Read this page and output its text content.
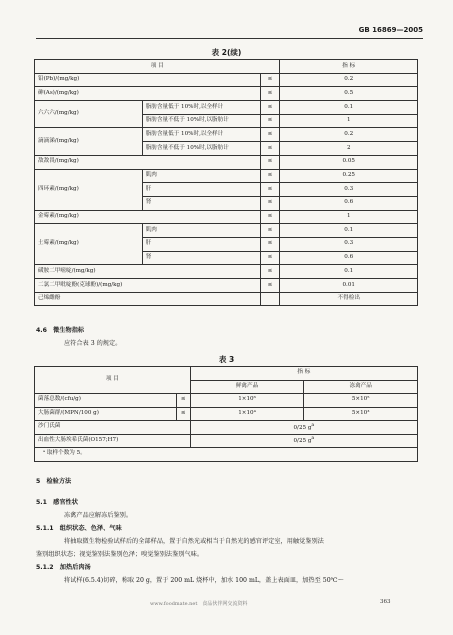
GB 16869—2005
表 2(续)
项 目			指 标
铅(Pb)/(mg/kg)		≤	0.2
砷(As)/(mg/kg)		≤	0.5
六六六/(mg/kg)	脂肪含量低于 10%时,以全样计	≤	0.1
	脂肪含量不低于 10%时,以脂肪计	≤	1
滴滴涕/(mg/kg)	脂肪含量低于 10%时,以全样计	≤	0.2
	脂肪含量不低于 10%时,以脂肪计	≤	2
敌敌畏/(mg/kg)		≤	0.05
四环素/(mg/kg)	肌肉	≤	0.25
	肝	≤	0.3
	肾	≤	0.6
金霉素/(mg/kg)		≤	1
土霉素/(mg/kg)	肌肉	≤	0.1
	肝	≤	0.3
	肾	≤	0.6
磺胺二甲嘧啶/(mg/kg)		≤	0.1
二氯二甲吡啶酚(克球酚)/(mg/kg)		≤	0.01
己烯雌酚			不得检出
4.6　微生物指标
应符合表 3 的规定。
表 3
项 目		指 标	
		鲜禽产品	冻禽产品
菌落总数/(cfu/g)	≤	1×10⁶	5×10⁵
大肠菌群/(MPN/100 g)	≤	1×10⁴	5×10³
沙门氏菌		0/25 $g^a$
出血性大肠埃希氏菌(O157;H7)		0/25 $g^a$
ᵃ 取样个数为 5。			
5　检验方法
5.1　感官性状
冻禽产品应解冻后鉴别。
5.1.1　组织状态、色泽、气味
将抽取微生物检验试样后的全部样品，置于自然光或相当于自然光的感官评定室，用触觉鉴别法
鉴别组织状态；视觉鉴别法鉴别色泽；嗅觉鉴别法鉴别气味。
5.1.2　加热后肉汤
将试样(6.5.4)切碎，称取 20 g，置于 200 mL 烧杯中，加水 100 mL，盖上表面皿，加热至 50℃～
www.foodmate.net　食品伙伴网交流资料	363
